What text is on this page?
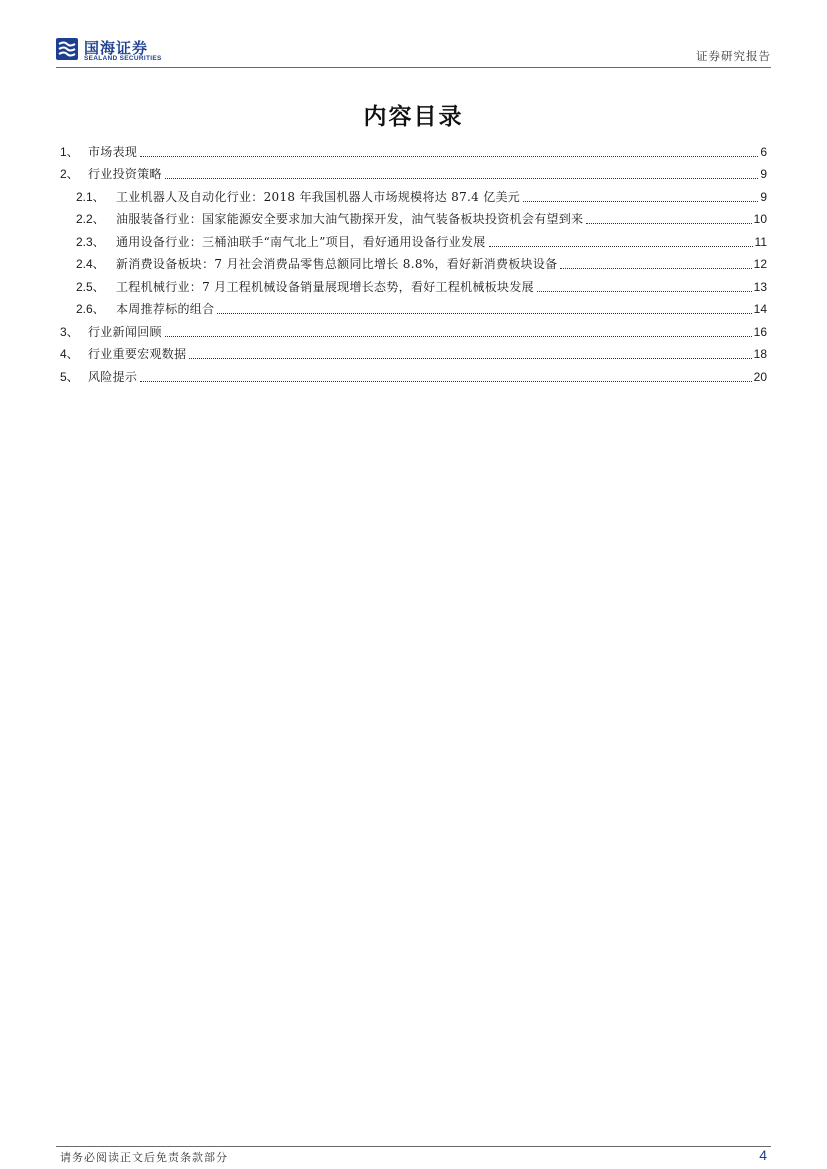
国海证券
SEALAND SECURITIES	证券研究报告
内容目录
1、 市场表现	6
2、 行业投资策略	9
2.1、 工业机器人及自动化行业：2018 年我国机器人市场规模将达 87.4 亿美元	9
2.2、 油服装备行业：国家能源安全要求加大油气勘探开发，油气装备板块投资机会有望到来	10
2.3、 通用设备行业：三桶油联手“南气北上”项目，看好通用设备行业发展	11
2.4、 新消费设备板块：7 月社会消费品零售总额同比增长 8.8%，看好新消费板块设备	12
2.5、 工程机械行业：7 月工程机械设备销量展现增长态势，看好工程机械板块发展	13
2.6、 本周推荐标的组合	14
3、 行业新闻回顾	16
4、 行业重要宏观数据	18
5、 风险提示	20
请务必阅读正文后免责条款部分	4
